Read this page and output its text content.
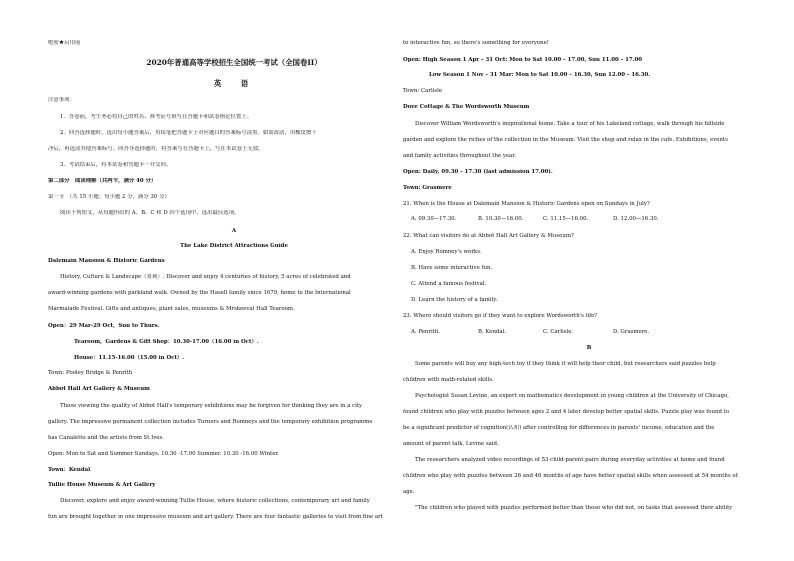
绝密★启用前
2020年普通高等学校招生全国统一考试（全国卷II）
英　语
注意事项：
1．答卷前，考生务必将自己的姓名、准考证号填写在答题卡和试卷指定位置上。
2．回答选择题时，选出每小题答案后，用铅笔把答题卡上对应题目的答案标号涂黑。如需改动，用橡皮擦干
净后，再选涂其他答案标号。回答非选择题时，将答案写在答题卡上，写在本试卷上无效。
3．考试结束后，将本试卷和答题卡一并交回。
第二部分　阅读理解（共两节，满分 40 分）
第一节　（共 15 小题；每小题 2 分，满分 30 分）
阅读下列短文，从每题所给的 A、B、C 和 D 四个选项中，选出最佳选项。
A
The Lake District Attractions Guide
Dalemain Mansion & Historic Gardens
History, Culture & Landscape（景观）. Discover and enjoy 4 centuries of history, 5 acres of celebrated and
award-winning gardens with parkland walk. Owned by the Hasell family since 1679, home to the International
Marmalade Festival. Gifts and antiques, plant sales, museums & Mrskeeval Hall Tearoom.
Open：29 Mar-29 Oct，Sun to Thurs.
Tearoom，Gardens & Gift Shop：10.30-17.00（16.00 in Oct）.
House：11.15-16.00（15.00 in Oct）.
Town: Pooley Bridge & Penrith
Abbot Hall Art Gallery & Museum
Those viewing the quality of Abbot Hall's temporary exhibitions may be forgiven for thinking they are in a city
gallery. The impressive permanent collection includes Turners and Romneys and the temporary exhibition programme
has Canaletto and the artists from St Ives.
Open: Mon to Sat and Summer Sundays. 10.30 -17.00 Summer. 10.30 -16.00 Winter.
Town：Kendal
Tullie House Museum & Art Gallery
Discover, explore and enjoy award-winning Tullie House, where historic collections, contemporary art and family
fun are brought together in one impressive museum and art gallery. There are four fantastic galleries to visit from fine art
to interactive fun, so there's something for everyone!
Open: High Season 1 Apr – 31 Oct: Mon to Sat 10.00 – 17.00, Sun 11.00 – 17.00
Low Season 1 Nov – 31 Mar: Mon to Sat 10.00 – 16.30, Sun 12.00 – 16.30.
Town: Carlisle
Dove Cottage & The Wordsworth Museum
Discover William Wordsworth's inspirational home. Take a tour of his Lakeland cottage, walk through his hillside
garden and explore the riches of the collection in the Museum. Visit the shop and relax in the cafe. Exhibitions, events
and family activities throughout the year.
Open: Daily, 09.30 – 17.30 (last admission 17.00).
Town: Grasmere
21. When is the House at Dalemain Mansion & Historic Gardens open on Sundays in July?
A. 09.30—17.30.	B. 10.30—16.00.	C. 11.15—16.00.	D. 12.00—16.30.
22. What can visitors do at Abbot Hall Art Gallery & Museum?
A. Enjoy Romney's works.
B. Have some interactive fun.
C. Attend a famous festival.
D. Learn the history of a family.
23. Where should visitors go if they want to explore Wordsworth's life?
A. Penrith.	B. Kendal.	C. Carlisle.	D. Grasmere.
B
Some parents will buy any high-tech toy if they think it will help their child, but researchers said puzzles help
children with math-related skills.
Psychologist Susan Levine, an expert on mathematics development in young children at the University of Chicago,
found children who play with puzzles between ages 2 and 4 later develop better spatial skills. Puzzle play was found to
be a significant predictor of cognition(认知) after controlling for differences in parents' income, education and the
amount of parent talk, Levine said.
The researchers analyzed video recordings of 53 child-parent pairs during everyday activities at home and found
children who play with puzzles between 26 and 46 months of age have better spatial skills when assessed at 54 months of
age.
"The children who played with puzzles performed better than those who did not, on tasks that assessed their ability
